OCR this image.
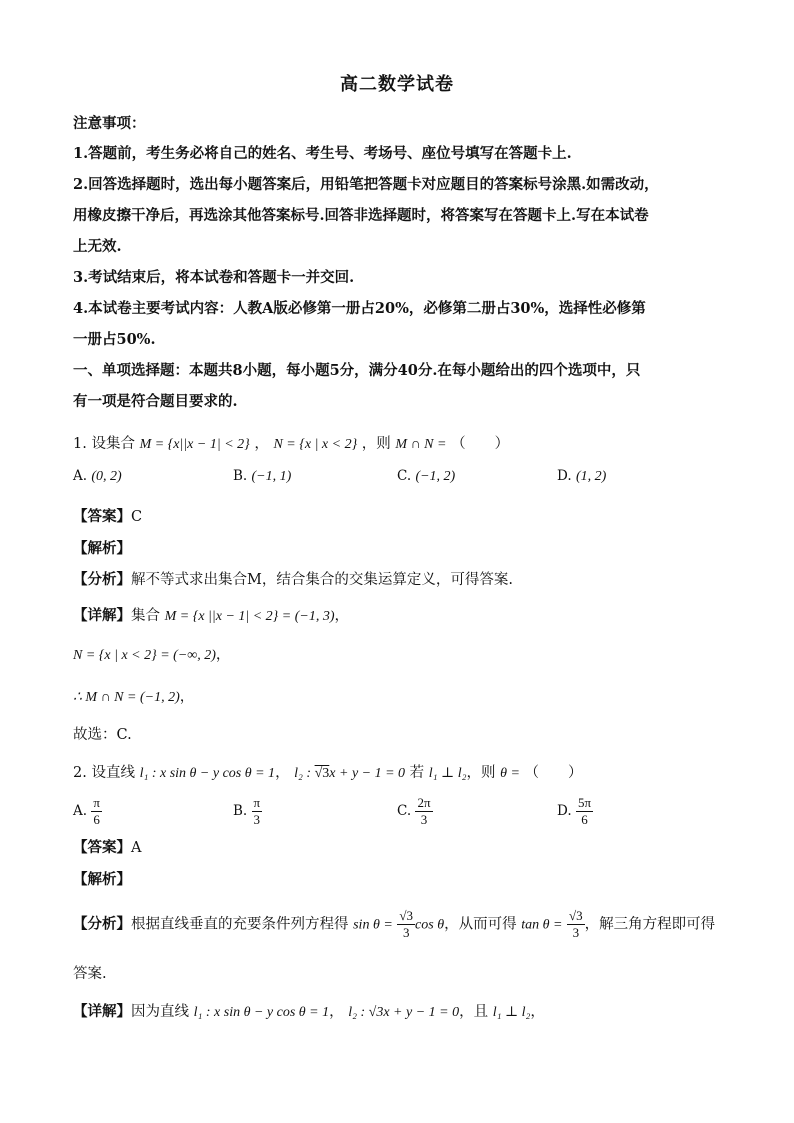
高二数学试卷
注意事项：
1.答题前，考生务必将自己的姓名、考生号、考场号、座位号填写在答题卡上.
2.回答选择题时，选出每小题答案后，用铅笔把答题卡对应题目的答案标号涂黑.如需改动，
用橡皮擦干净后，再选涂其他答案标号.回答非选择题时，将答案写在答题卡上.写在本试卷
上无效.
3.考试结束后，将本试卷和答题卡一并交回.
4.本试卷主要考试内容：人教A版必修第一册占20%，必修第二册占30%，选择性必修第
一册占50%.
一、单项选择题：本题共8小题，每小题5分，满分40分.在每小题给出的四个选项中，只
有一项是符合题目要求的.
1. 设集合 M = {x||x − 1| < 2} ， N = {x | x < 2} ，则 M ∩ N = （　　）
A. (0, 2)	B. (−1, 1)	C. (−1, 2)	D. (1, 2)
【答案】C
【解析】
【分析】解不等式求出集合M，结合集合的交集运算定义，可得答案.
【详解】集合 M = {x ||x − 1| < 2} = (−1, 3)，
N = {x | x < 2} = (−∞, 2)，
∴ M ∩ N = (−1, 2)，
故选：C.
2. 设直线 l₁ : x sin θ − y cos θ = 1， l₂ : √3x + y − 1 = 0 若 l₁ ⊥ l₂，则 θ = （　　）
A. $\frac{\pi}{6}$	B. $\frac{\pi}{3}$	C. $\frac{2\pi}{3}$	D. $\frac{5\pi}{6}$
【答案】A
【解析】
【分析】根据直线垂直的充要条件列方程得 $\sin \theta = \frac{√3}{3}$ cos θ，从而可得 $\tan \theta = \frac{√3}{3}$ ，解三角方程即可得
答案.
【详解】因为直线 l₁ : x sin θ − y cos θ = 1， l₂ : √3x + y − 1 = 0，且 l₁ ⊥ l₂，
